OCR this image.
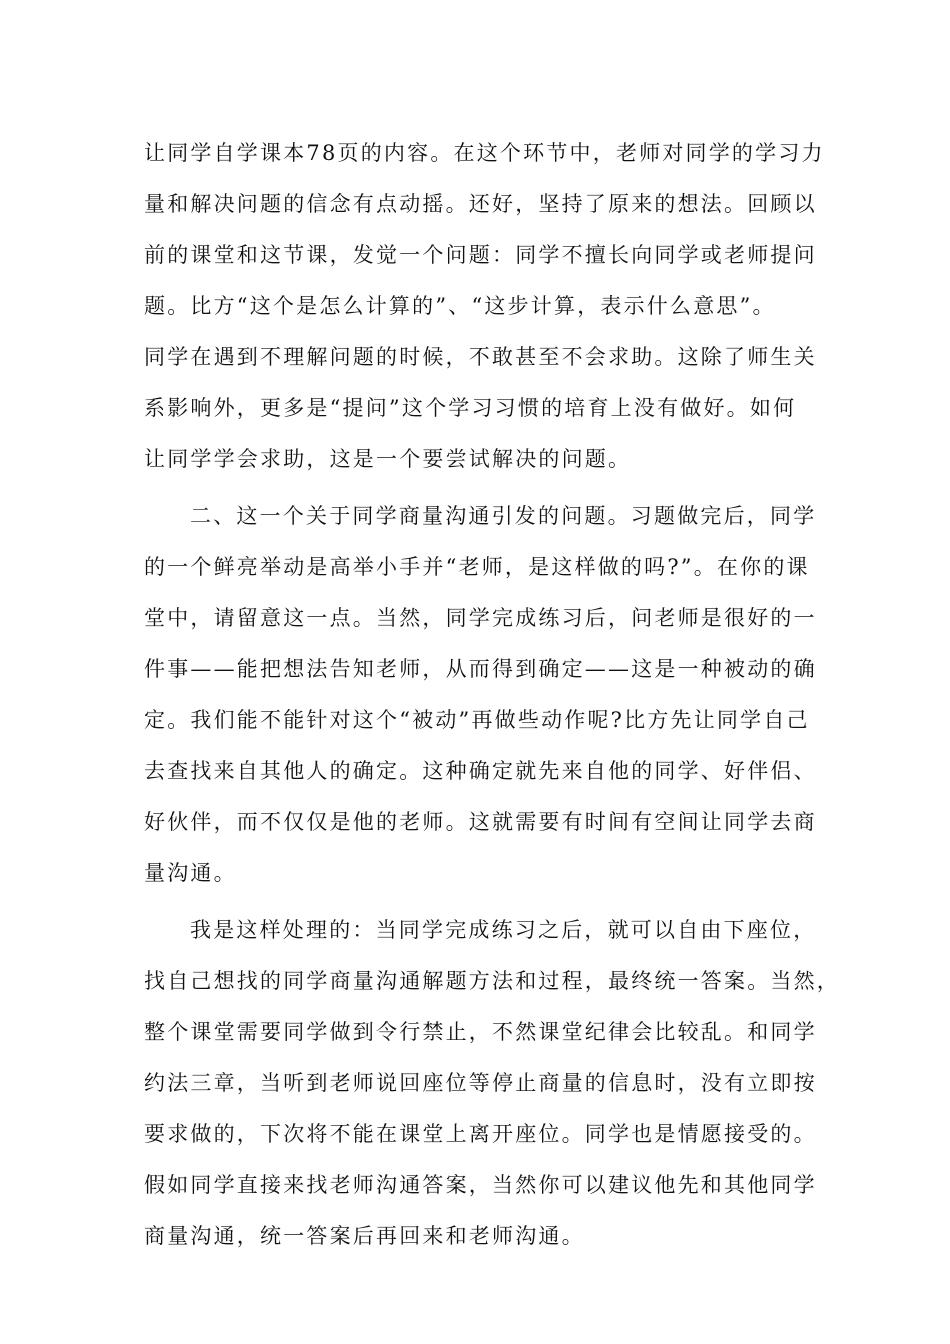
让同学自学课本78页的内容。在这个环节中，老师对同学的学习力
量和解决问题的信念有点动摇。还好，坚持了原来的想法。回顾以
前的课堂和这节课，发觉一个问题：同学不擅长向同学或老师提问
题。比方“这个是怎么计算的”、“这步计算，表示什么意思”。
同学在遇到不理解问题的时候，不敢甚至不会求助。这除了师生关
系影响外，更多是“提问”这个学习习惯的培育上没有做好。如何
让同学学会求助，这是一个要尝试解决的问题。
二、这一个关于同学商量沟通引发的问题。习题做完后，同学
的一个鲜亮举动是高举小手并“老师，是这样做的吗?”。在你的课
堂中，请留意这一点。当然，同学完成练习后，问老师是很好的一
件事——能把想法告知老师，从而得到确定——这是一种被动的确
定。我们能不能针对这个“被动”再做些动作呢?比方先让同学自己
去查找来自其他人的确定。这种确定就先来自他的同学、好伴侣、
好伙伴，而不仅仅是他的老师。这就需要有时间有空间让同学去商
量沟通。
我是这样处理的：当同学完成练习之后，就可以自由下座位，
找自己想找的同学商量沟通解题方法和过程，最终统一答案。当然，
整个课堂需要同学做到令行禁止，不然课堂纪律会比较乱。和同学
约法三章，当听到老师说回座位等停止商量的信息时，没有立即按
要求做的，下次将不能在课堂上离开座位。同学也是情愿接受的。
假如同学直接来找老师沟通答案，当然你可以建议他先和其他同学
商量沟通，统一答案后再回来和老师沟通。
